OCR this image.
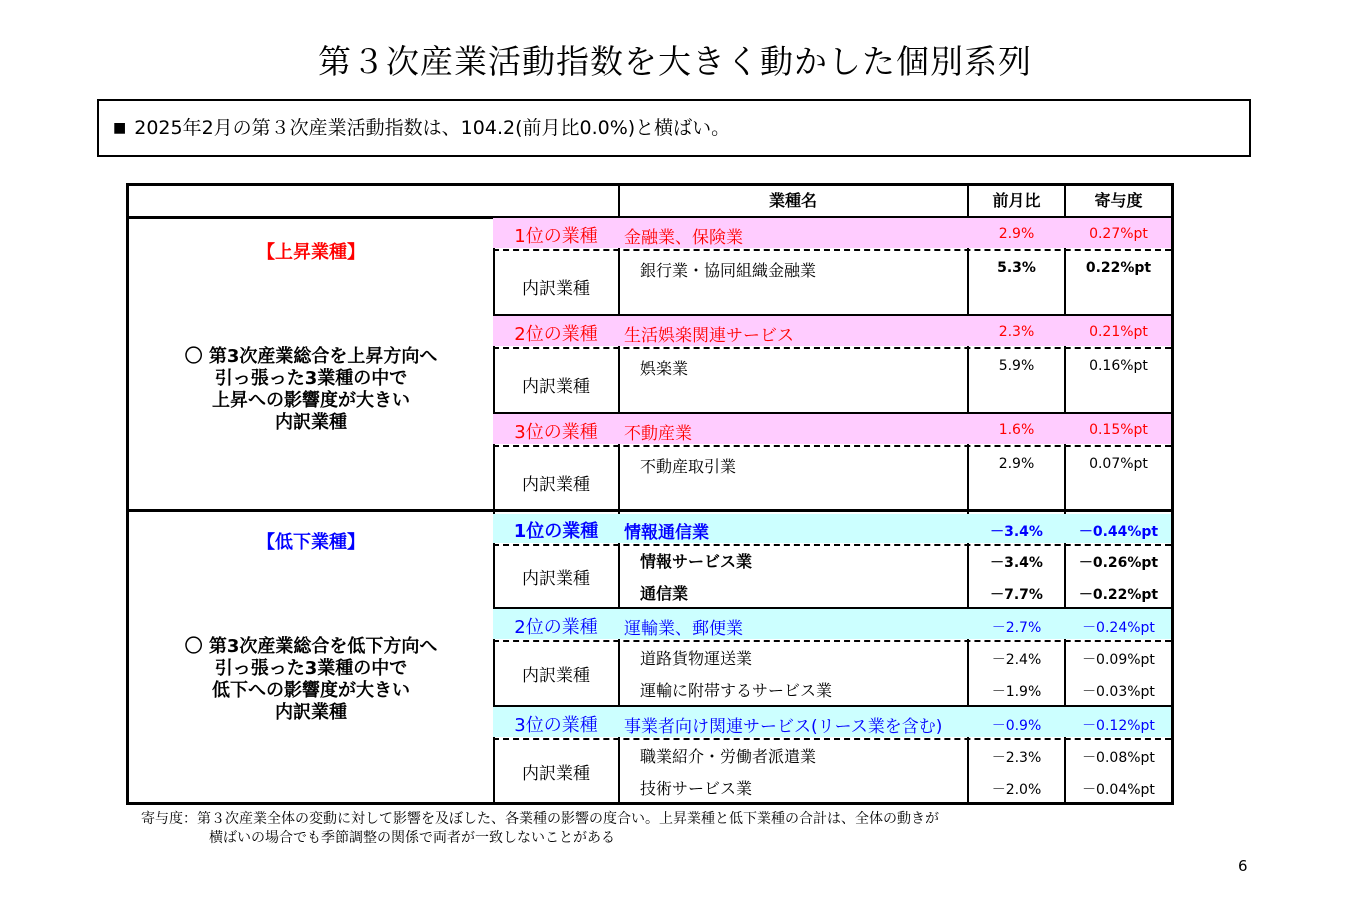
第３次産業活動指数を大きく動かした個別系列
■ 2025年2月の第３次産業活動指数は、104.2(前月比0.0%)と横ばい。
業種名	前月比	寄与度
【上昇業種】
〇 第3次産業総合を上昇方向へ
引っ張った3業種の中で
上昇への影響度が大きい
内訳業種
1位の業種	金融業、保険業	2.9%	0.27%pt
内訳業種
銀行業・協同組織金融業	5.3%	0.22%pt
2位の業種	生活娯楽関連サービス	2.3%	0.21%pt
内訳業種
娯楽業	5.9%	0.16%pt
3位の業種	不動産業	1.6%	0.15%pt
内訳業種
不動産取引業	2.9%	0.07%pt
【低下業種】
〇 第3次産業総合を低下方向へ
引っ張った3業種の中で
低下への影響度が大きい
内訳業種
1位の業種	情報通信業	－3.4%	－0.44%pt
内訳業種
情報サービス業	－3.4%	－0.26%pt
通信業	－7.7%	－0.22%pt
2位の業種	運輸業、郵便業	－2.7%	－0.24%pt
内訳業種
道路貨物運送業	－2.4%	－0.09%pt
運輸に附帯するサービス業	－1.9%	－0.03%pt
3位の業種	事業者向け関連サービス(リース業を含む)	－0.9%	－0.12%pt
内訳業種
職業紹介・労働者派遣業	－2.3%	－0.08%pt
技術サービス業	－2.0%	－0.04%pt
寄与度：第３次産業全体の変動に対して影響を及ぼした、各業種の影響の度合い。上昇業種と低下業種の合計は、全体の動きが
横ばいの場合でも季節調整の関係で両者が一致しないことがある
6
